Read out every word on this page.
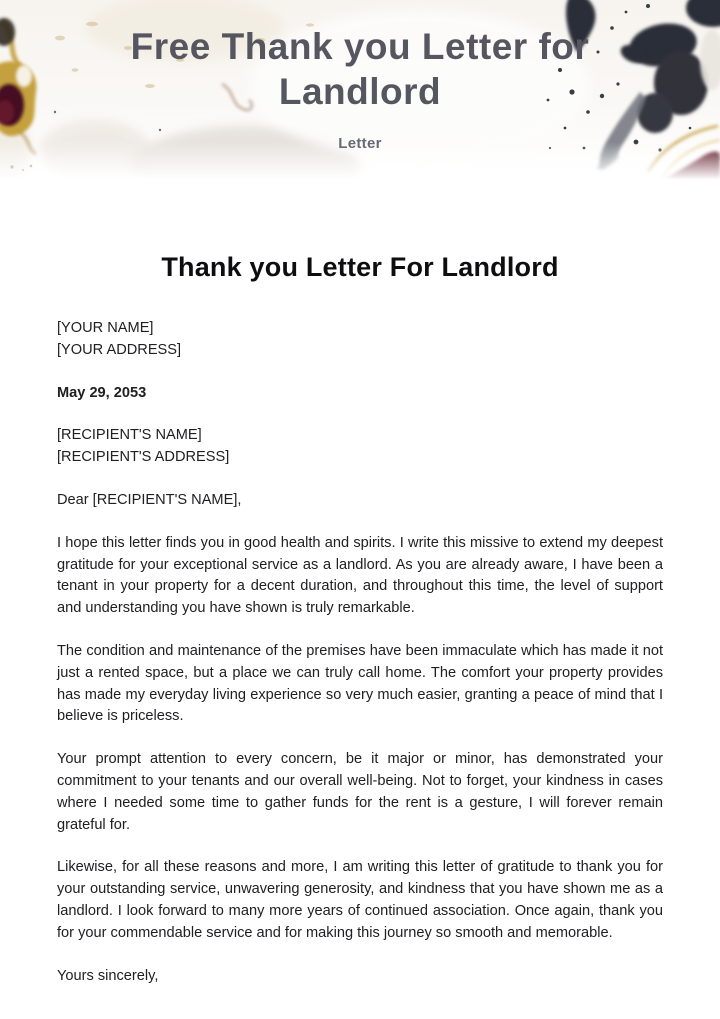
Free Thank you Letter for Landlord
Letter
Thank you Letter For Landlord
[YOUR NAME]
[YOUR ADDRESS]
May 29, 2053
[RECIPIENT'S NAME]
[RECIPIENT'S ADDRESS]
Dear [RECIPIENT'S NAME],

I hope this letter finds you in good health and spirits. I write this missive to extend my deepest gratitude for your exceptional service as a landlord. As you are already aware, I have been a tenant in your property for a decent duration, and throughout this time, the level of support and understanding you have shown is truly remarkable.

The condition and maintenance of the premises have been immaculate which has made it not just a rented space, but a place we can truly call home. The comfort your property provides has made my everyday living experience so very much easier, granting a peace of mind that I believe is priceless.

Your prompt attention to every concern, be it major or minor, has demonstrated your commitment to your tenants and our overall well-being. Not to forget, your kindness in cases where I needed some time to gather funds for the rent is a gesture, I will forever remain grateful for.

Likewise, for all these reasons and more, I am writing this letter of gratitude to thank you for your outstanding service, unwavering generosity, and kindness that you have shown me as a landlord. I look forward to many more years of continued association. Once again, thank you for your commendable service and for making this journey so smooth and memorable.

Yours sincerely,
